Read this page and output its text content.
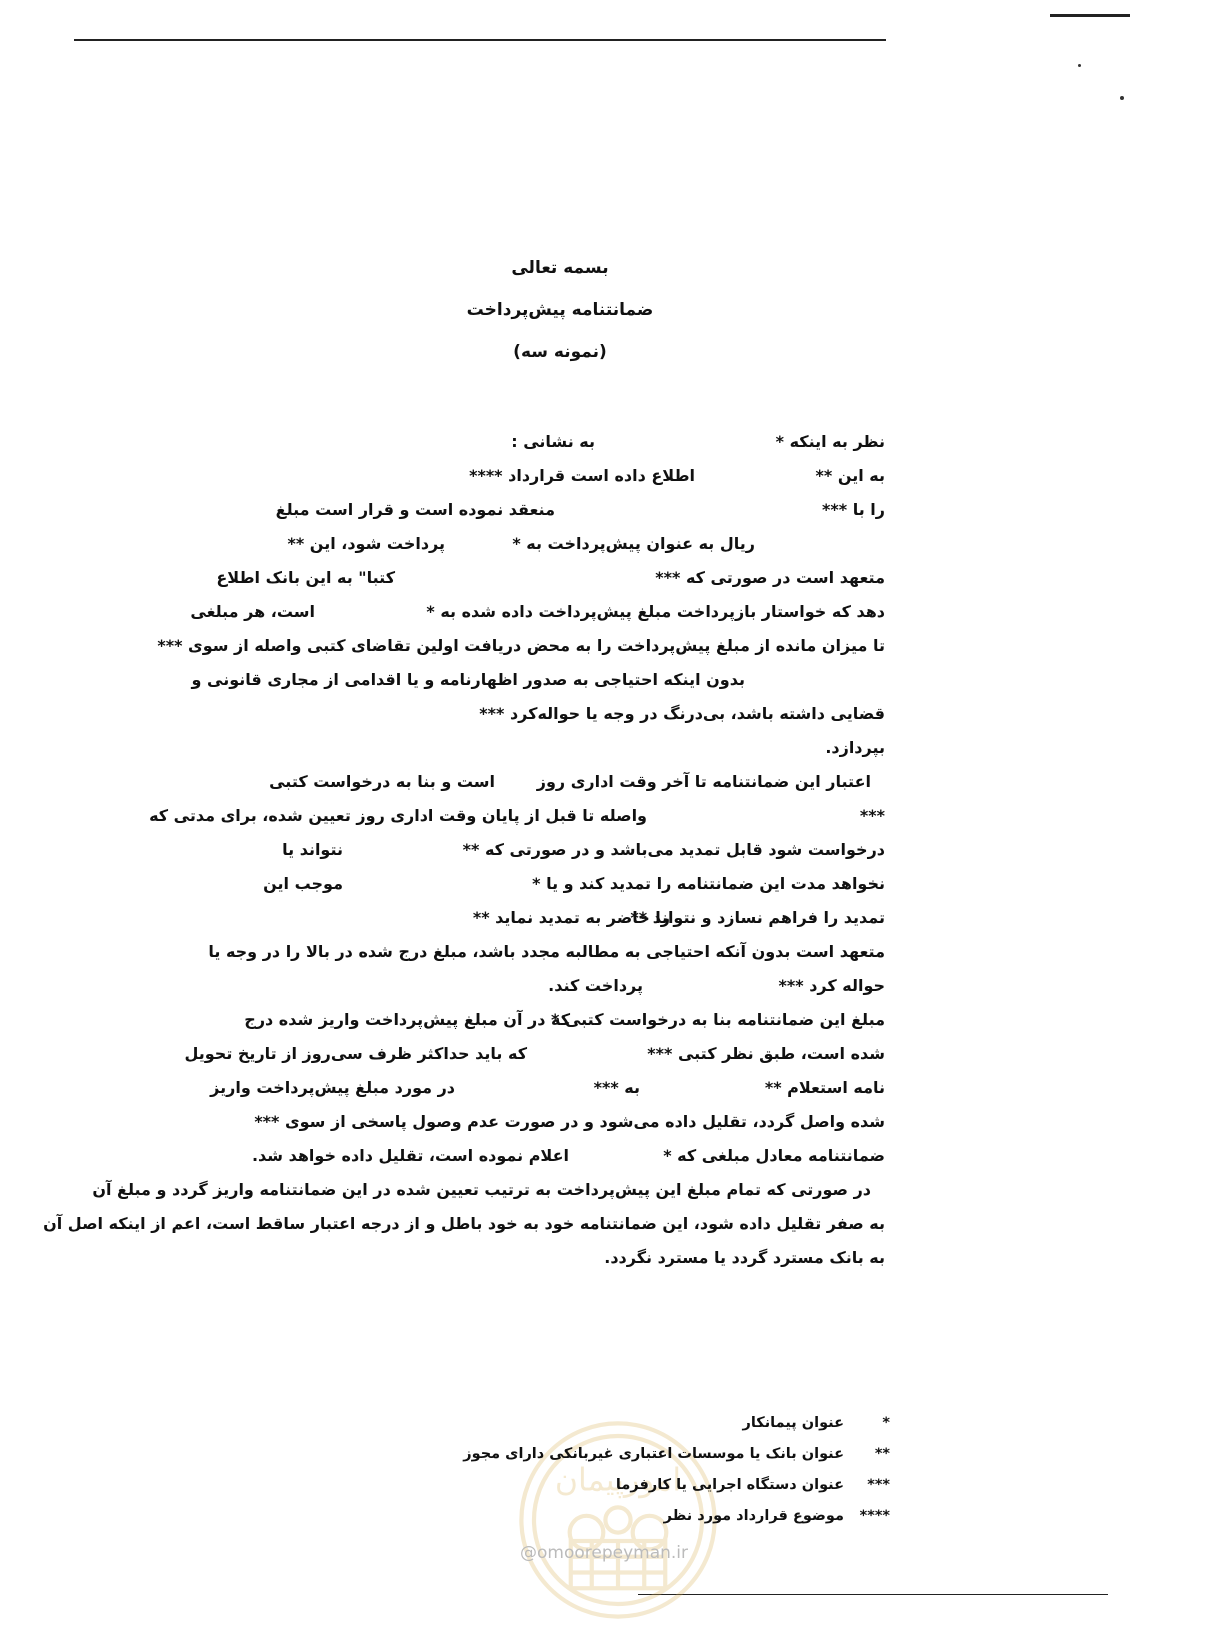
بسمه تعالی
ضمانتنامه پیش‌پرداخت
(نمونه سه)
نظر به اینکه *
به نشانی :
به این **
اطلاع داده است قرارداد ****
را با ***
منعقد نموده است و قرار است مبلغ
ریال به عنوان پیش‌پرداخت به *
پرداخت شود، این **
متعهد است در صورتی که ***
کتبا" به این بانک اطلاع
دهد که خواستار بازپرداخت مبلغ پیش‌پرداخت داده شده به *
است، هر مبلغی
تا میزان مانده از مبلغ پیش‌پرداخت را به محض دریافت اولین تقاضای کتبی واصله از سوی ***
بدون اینکه احتیاجی به صدور اظهارنامه و یا اقدامی از مجاری قانونی و
قضایی داشته باشد، بی‌درنگ در وجه یا حواله‌کرد ***
بپردازد.
اعتبار این ضمانتنامه تا آخر وقت اداری روز
است و بنا به درخواست کتبی
***
واصله تا قبل از پایان وقت اداری روز تعیین شده، برای مدتی که
درخواست شود قابل تمدید می‌باشد و در صورتی که **
نتواند یا
نخواهد مدت این ضمانتنامه را تمدید کند و یا *
موجب این
تمدید را فراهم نسازد و نتواند **
را حاضر به تمدید نماید **
متعهد است بدون آنکه احتیاجی به مطالبه مجدد باشد، مبلغ درج شده در بالا را در وجه یا
حواله کرد ***
پرداخت کند.
مبلغ این ضمانتنامه بنا به درخواست کتبی *
که در آن مبلغ پیش‌پرداخت واریز شده درج
شده است، طبق نظر کتبی ***
که باید حداکثر ظرف سی‌روز از تاریخ تحویل
نامه استعلام **
به ***
در مورد مبلغ پیش‌پرداخت واریز
شده واصل گردد، تقلیل داده می‌شود و در صورت عدم وصول پاسخی از سوی ***
ضمانتنامه معادل مبلغی که *
اعلام نموده است، تقلیل داده خواهد شد.
در صورتی که تمام مبلغ این پیش‌پرداخت به ترتیب تعیین شده در این ضمانتنامه واریز گردد و مبلغ آن
به صفر تقلیل داده شود، این ضمانتنامه خود به خود باطل و از درجه اعتبار ساقط است، اعم از اینکه اصل آن
به بانک مسترد گردد یا مسترد نگردد.
امورپیمان
@omoorepeyman.ir
*
عنوان پیمانکار
**
عنوان بانک یا موسسات اعتباری غیربانکی دارای مجوز
***
عنوان دستگاه اجرایی یا کارفرما
****
موضوع قرارداد مورد نظر
